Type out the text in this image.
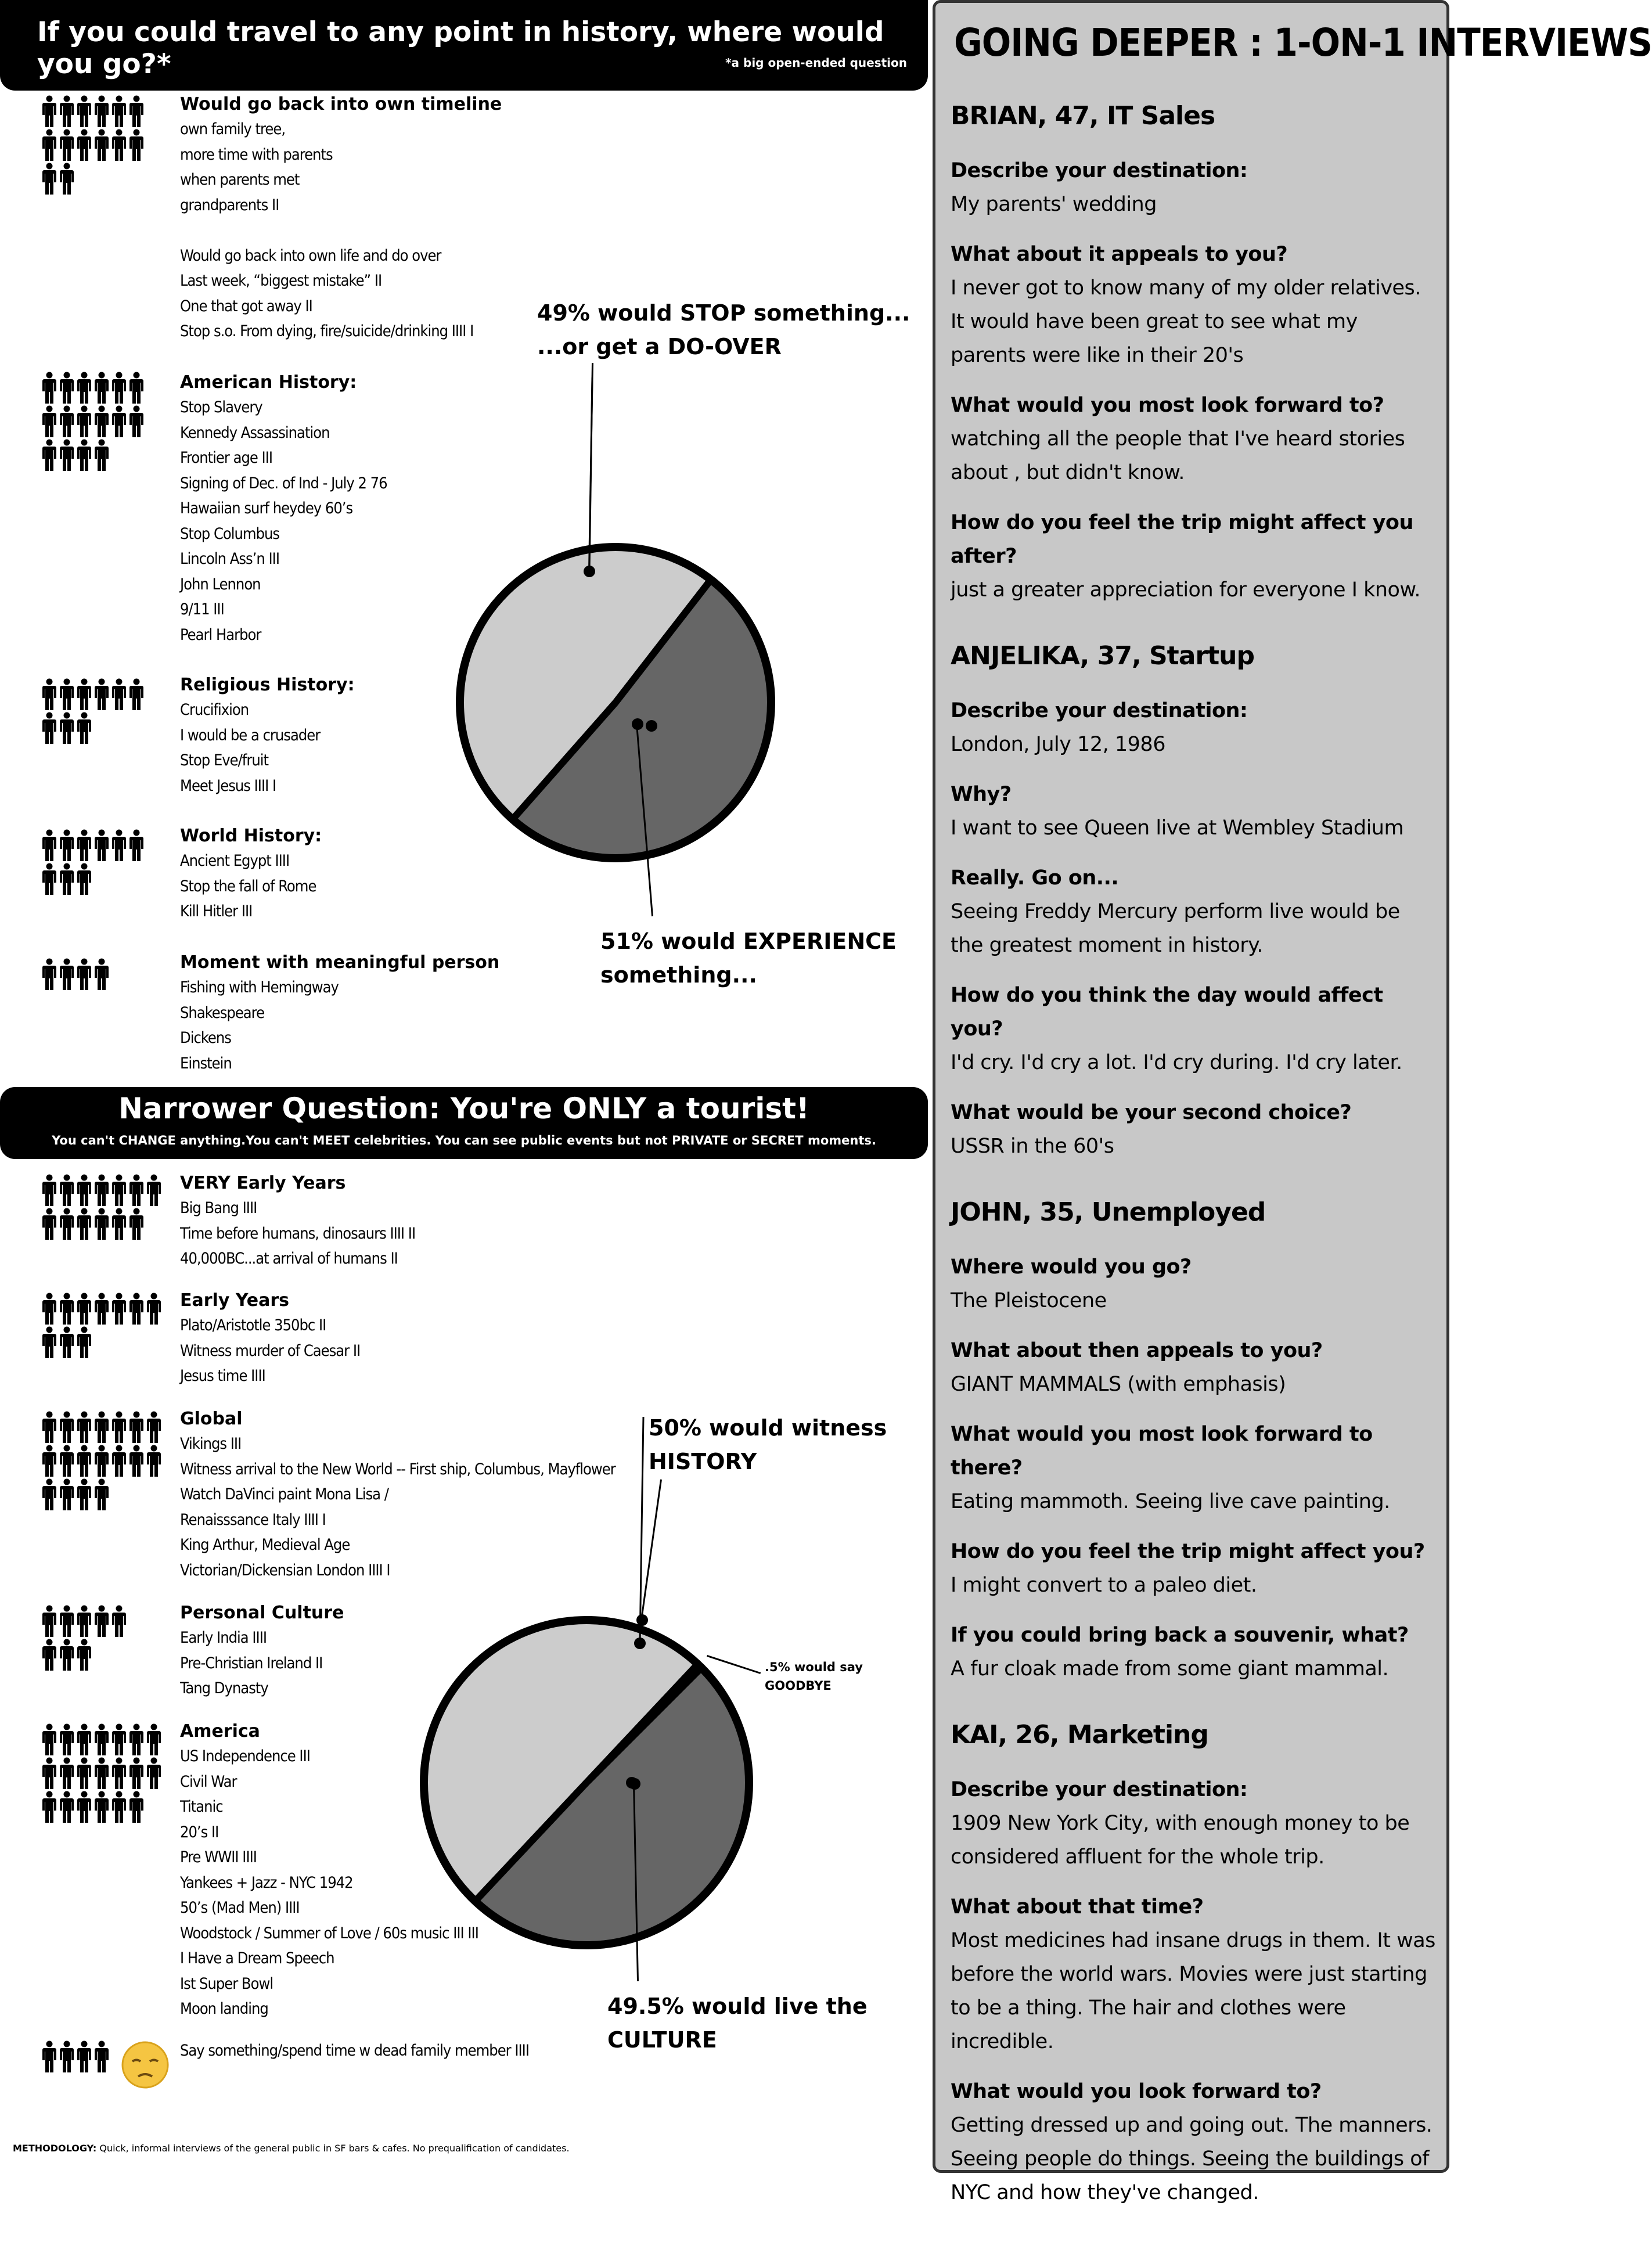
If you could travel to any point in history, where would you go?*	*a big open-ended question
Would go back into own timeline
own family tree,
more time with parents
when parents met
grandparents II

Would go back into own life and do over
Last week, “biggest mistake” II
One that got away II
Stop s.o. From dying, fire/suicide/drinking IIII I
American History:
Stop Slavery
Kennedy Assassination
Frontier age III
Signing of Dec. of Ind - July 2 76
Hawaiian surf heydey 60’s
Stop Columbus
Lincoln Ass’n III
John Lennon
9/11 III
Pearl Harbor
Religious History:
Crucifixion
I would be a crusader
Stop Eve/fruit
Meet Jesus IIII I
World History:
Ancient Egypt IIII
Stop the fall of Rome
Kill Hitler III
Moment with meaningful person
Fishing with Hemingway
Shakespeare
Dickens
Einstein
49% would STOP something...
...or get a DO-OVER
51% would EXPERIENCE
something...
Narrower Question: You're ONLY a tourist!
You can't CHANGE anything.You can't MEET celebrities. You can see public events but not PRIVATE or SECRET moments.
VERY Early Years
Big Bang IIII
Time before humans, dinosaurs IIII II
40,000BC...at arrival of humans II
Early Years
Plato/Aristotle 350bc II
Witness murder of Caesar II
Jesus time IIII
Global
Vikings III
Witness arrival to the New World -- First ship, Columbus, Mayflower
Watch DaVinci paint Mona Lisa /
Renaisssance Italy IIII I
King Arthur, Medieval Age
Victorian/Dickensian London IIII I
Personal Culture
Early India IIII
Pre-Christian Ireland II
Tang Dynasty
America
US Independence III
Civil War
Titanic
20’s II
Pre WWII IIII
Yankees + Jazz - NYC 1942
50’s (Mad Men) IIII
Woodstock / Summer of Love / 60s music III III
I Have a Dream Speech
Ist Super Bowl
Moon landing
Say something/spend time w dead family member IIII
50% would witness
HISTORY
.5% would say
GOODBYE
49.5% would live the
CULTURE
GOING DEEPER : 1-ON-1 INTERVIEWS
BRIAN, 47, IT Sales
Describe your destination:
My parents' wedding
What about it appeals to you?
I never got to know many of my older relatives. It would have been great to see what my parents were like in their 20's
What would you most look forward to?
watching all the people that I've heard stories about , but didn't know.
How do you feel the trip might affect you after?
just a greater appreciation for everyone I know.
ANJELIKA, 37, Startup
Describe your destination:
London, July 12, 1986
Why?
I want to see Queen live at Wembley Stadium
Really. Go on...
Seeing Freddy Mercury perform live would be the greatest moment in history.
How do you think the day would affect you?
I'd cry. I'd cry a lot. I'd cry during. I'd cry later.
What would be your second choice?
USSR in the 60's
JOHN, 35, Unemployed
Where would you go?
The Pleistocene
What about then appeals to you?
GIANT MAMMALS (with emphasis)
What would you most look forward to there?
Eating mammoth. Seeing live cave painting.
How do you feel the trip might affect you?
I might convert to a paleo diet.
If you could bring back a souvenir, what?
A fur cloak made from some giant mammal.
KAI, 26, Marketing
Describe your destination:
1909 New York City, with enough money to be considered affluent for the whole trip.
What about that time?
Most medicines had insane drugs in them. It was before the world wars. Movies were just starting to be a thing. The hair and clothes were incredible.
What would you look forward to?
Getting dressed up and going out. The manners. Seeing people do things. Seeing the buildings of NYC and how they've changed.
METHODOLOGY: Quick, informal interviews of the general public in SF bars & cafes. No prequalification of candidates.
